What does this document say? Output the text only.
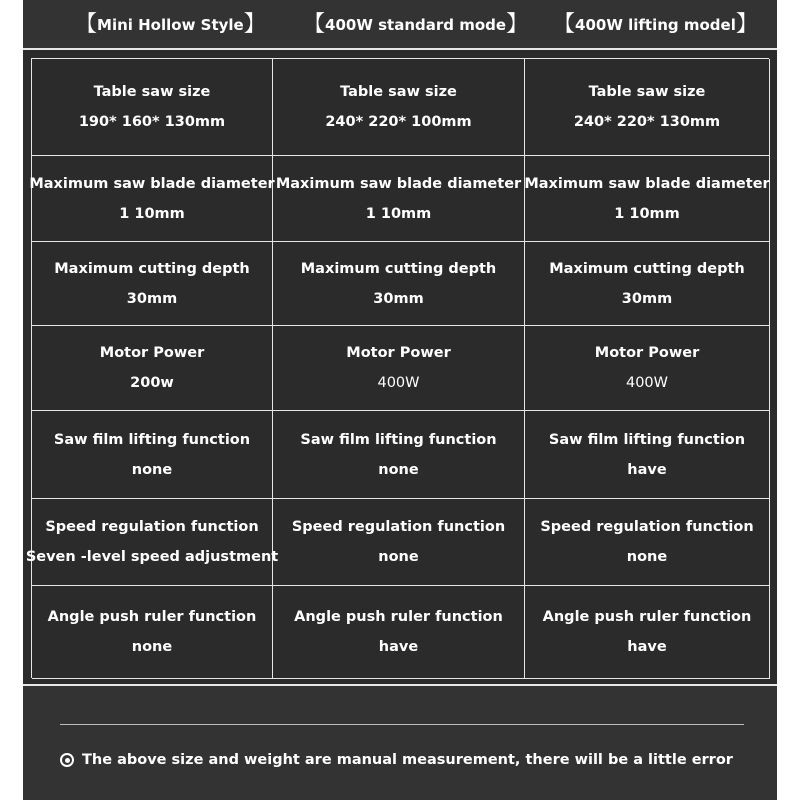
【Mini Hollow Style】 【400W standard mode】 【400W lifting model】
Table saw size
190* 160* 130mm
Table saw size
240* 220* 100mm
Table saw size
240* 220* 130mm
Maximum saw blade diameter
1 10mm
Maximum saw blade diameter
1 10mm
Maximum saw blade diameter
1 10mm
Maximum cutting depth
30mm
Maximum cutting depth
30mm
Maximum cutting depth
30mm
Motor Power
200w
Motor Power
400W
Motor Power
400W
Saw film lifting function
none
Saw film lifting function
none
Saw film lifting function
have
Speed regulation function
Seven -level speed adjustment
Speed regulation function
none
Speed regulation function
none
Angle push ruler function
none
Angle push ruler function
have
Angle push ruler function
have
The above size and weight are manual measurement, there will be a little error
